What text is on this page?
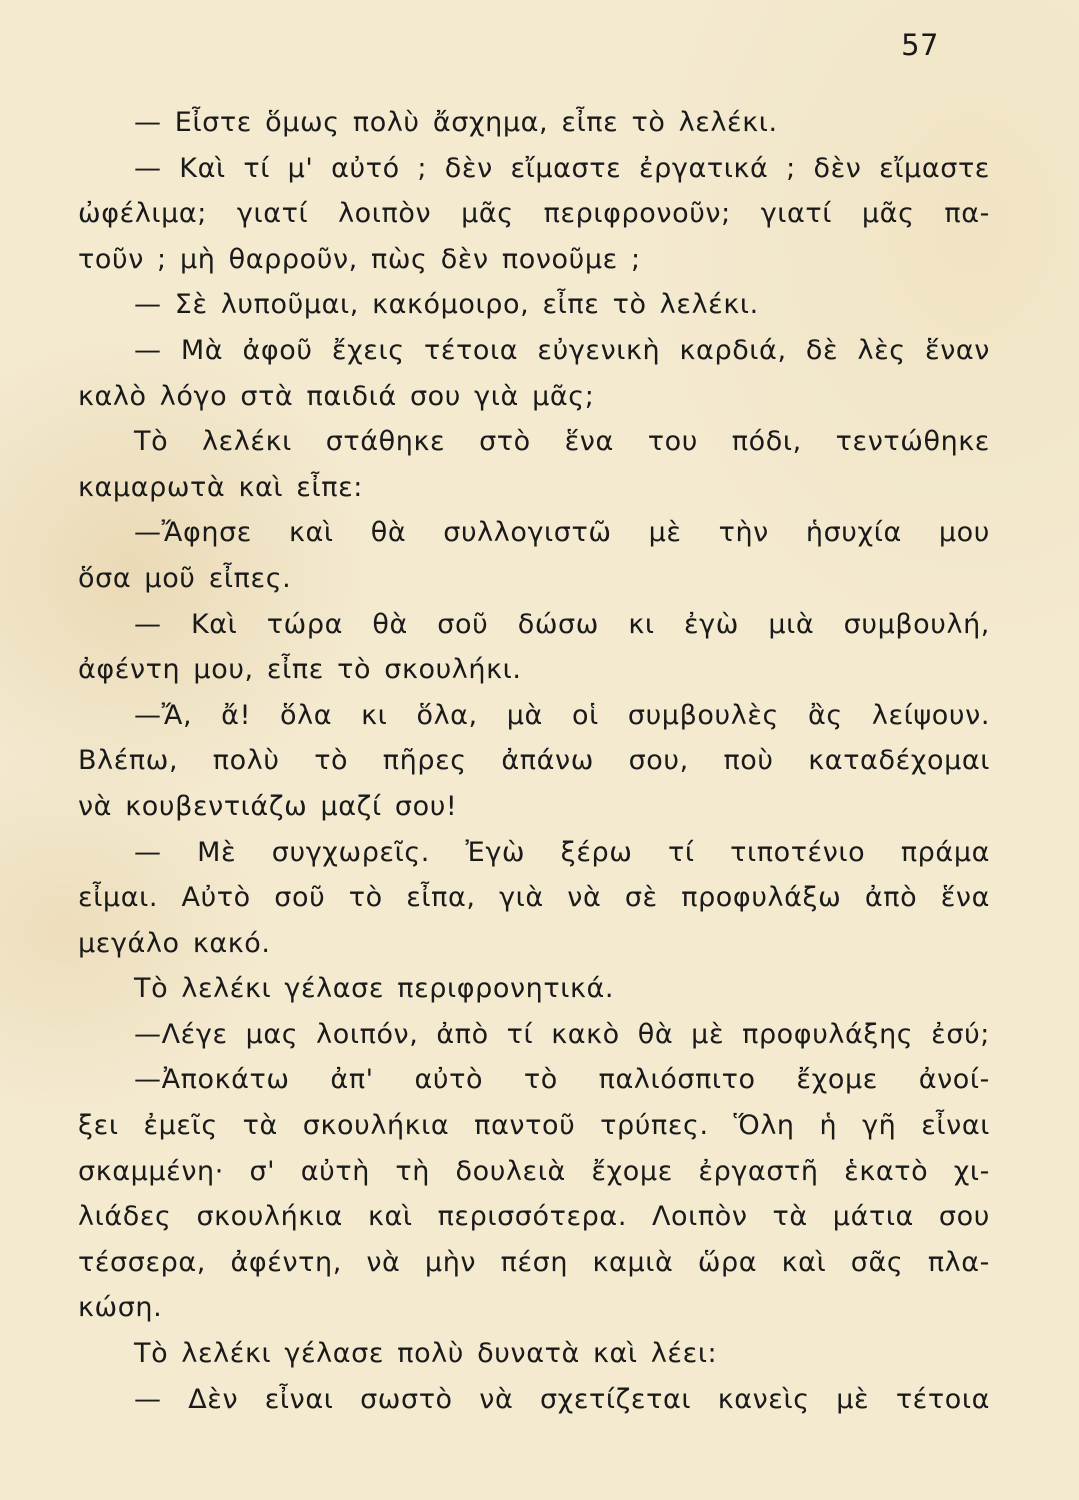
57
— Εἶστε ὅμως πολὺ ἄσχημα, εἶπε τὸ λελέκι.
— Καὶ τί μ' αὐτό ; δὲν εἴμαστε ἐργατικά ; δὲν εἴμαστε
ὠφέλιμα; γιατί λοιπὸν μᾶς περιφρονοῦν; γιατί μᾶς πα-
τοῦν ; μὴ θαρροῦν, πὼς δὲν πονοῦμε ;
— Σὲ λυποῦμαι, κακόμοιρο, εἶπε τὸ λελέκι.
— Μὰ ἀφοῦ ἔχεις τέτοια εὐγενικὴ καρδιά, δὲ λὲς ἕναν
καλὸ λόγο στὰ παιδιά σου γιὰ μᾶς;
Τὸ λελέκι στάθηκε στὸ ἕνα του πόδι, τεντώθηκε
καμαρωτὰ καὶ εἶπε:
—Ἄφησε καὶ θὰ συλλογιστῶ μὲ τὴν ἡσυχία μου
ὅσα μοῦ εἶπες.
— Καὶ τώρα θὰ σοῦ δώσω κι ἐγὼ μιὰ συμβουλή,
ἀφέντη μου, εἶπε τὸ σκουλήκι.
—Ἄ, ἄ! ὅλα κι ὅλα, μὰ οἱ συμβουλὲς ἂς λείψουν.
Βλέπω, πολὺ τὸ πῆρες ἀπάνω σου, ποὺ καταδέχομαι
νὰ κουβεντιάζω μαζί σου!
— Μὲ συγχωρεῖς. Ἐγὼ ξέρω τί τιποτένιο πράμα
εἶμαι. Αὐτὸ σοῦ τὸ εἶπα, γιὰ νὰ σὲ προφυλάξω ἀπὸ ἕνα
μεγάλο κακό.
Τὸ λελέκι γέλασε περιφρονητικά.
—Λέγε μας λοιπόν, ἀπὸ τί κακὸ θὰ μὲ προφυλάξης ἐσύ;
—Ἀποκάτω ἀπ' αὐτὸ τὸ παλιόσπιτο ἔχομε ἀνοί-
ξει ἐμεῖς τὰ σκουλήκια παντοῦ τρύπες. Ὅλη ἡ γῆ εἶναι
σκαμμένη· σ' αὐτὴ τὴ δουλειὰ ἔχομε ἐργαστῆ ἑκατὸ χι-
λιάδες σκουλήκια καὶ περισσότερα. Λοιπὸν τὰ μάτια σου
τέσσερα, ἀφέντη, νὰ μὴν πέση καμιὰ ὥρα καὶ σᾶς πλα-
κώση.
Τὸ λελέκι γέλασε πολὺ δυνατὰ καὶ λέει:
— Δὲν εἶναι σωστὸ νὰ σχετίζεται κανεὶς μὲ τέτοια
